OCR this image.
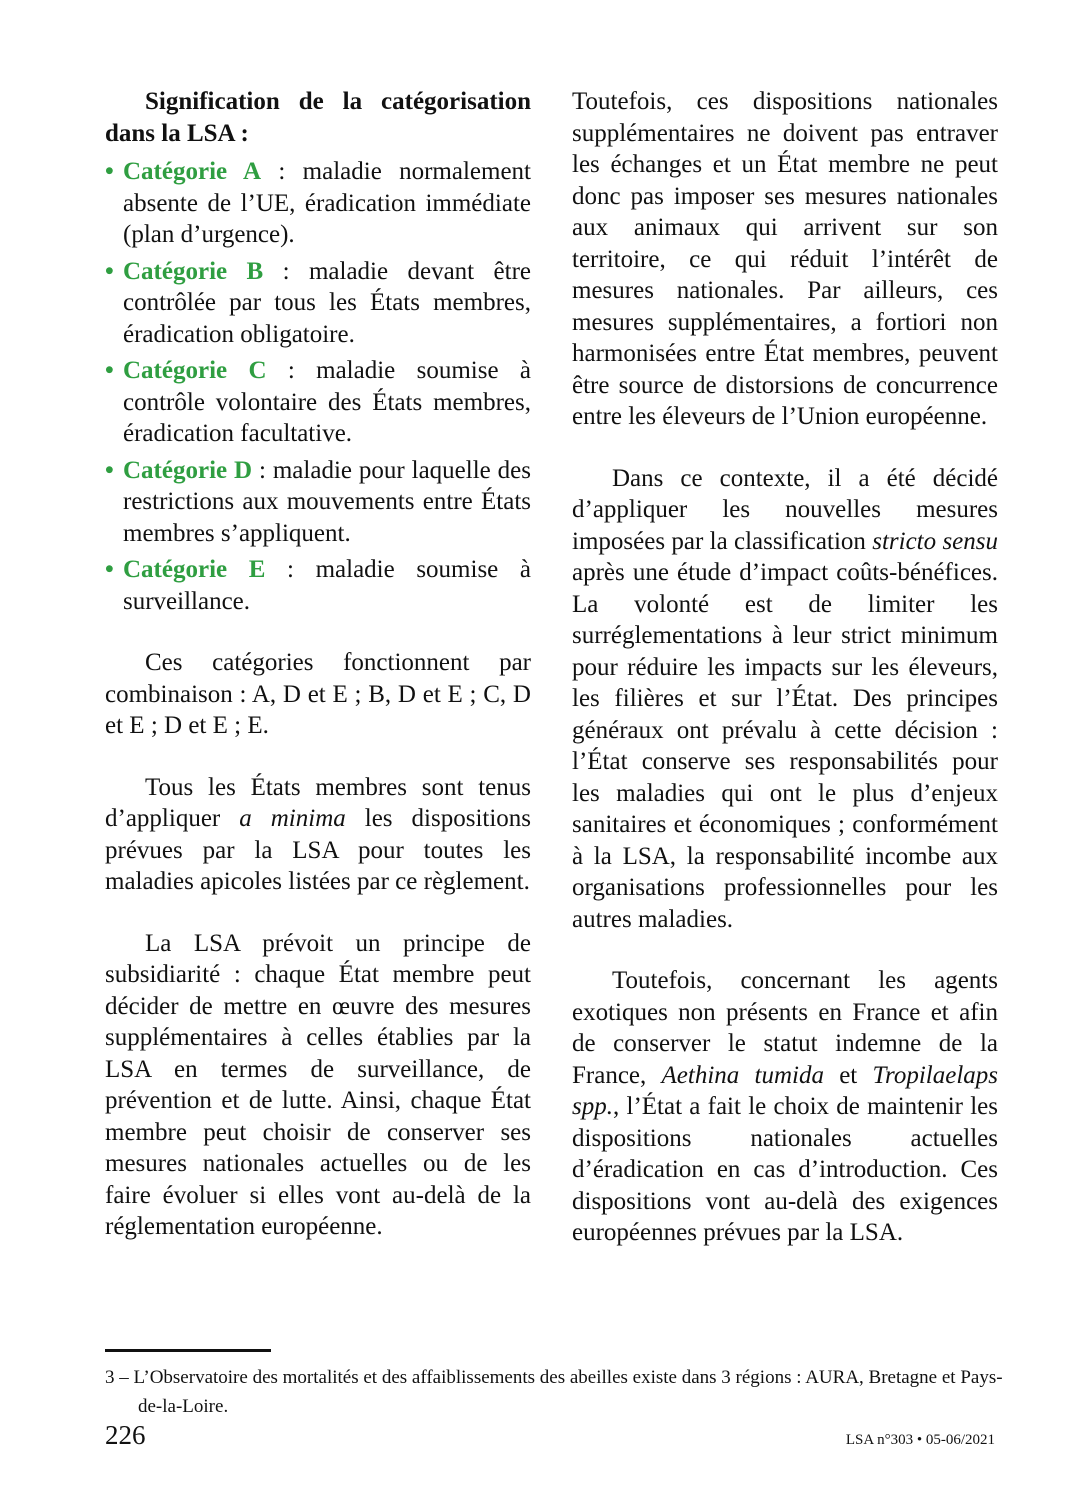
Signification de la catégorisation dans la LSA :

• Catégorie A : maladie normalement absente de l’UE, éradication immédiate (plan d’urgence).
• Catégorie B : maladie devant être contrôlée par tous les États membres, éradication obligatoire.
• Catégorie C : maladie soumise à contrôle volontaire des États membres, éradication facultative.
• Catégorie D : maladie pour laquelle des restrictions aux mouvements entre États membres s’appliquent.
• Catégorie E : maladie soumise à surveillance.

Ces catégories fonctionnent par combinaison : A, D et E ; B, D et E ; C, D et E ; D et E ; E.

Tous les États membres sont tenus d’appliquer a minima les dispositions prévues par la LSA pour toutes les maladies apicoles listées par ce règlement.

La LSA prévoit un principe de subsidiarité : chaque État membre peut décider de mettre en œuvre des mesures supplémentaires à celles établies par la LSA en termes de surveillance, de prévention et de lutte. Ainsi, chaque État membre peut choisir de conserver ses mesures nationales actuelles ou de les faire évoluer si elles vont au-delà de la réglementation européenne.

Toutefois, ces dispositions nationales supplémentaires ne doivent pas entraver les échanges et un État membre ne peut donc pas imposer ses mesures nationales aux animaux qui arrivent sur son territoire, ce qui réduit l’intérêt de mesures nationales. Par ailleurs, ces mesures supplémentaires, a fortiori non harmonisées entre État membres, peuvent être source de distorsions de concurrence entre les éleveurs de l’Union européenne.

Dans ce contexte, il a été décidé d’appliquer les nouvelles mesures imposées par la classification stricto sensu après une étude d’impact coûts-bénéfices. La volonté est de limiter les surréglementations à leur strict minimum pour réduire les impacts sur les éleveurs, les filières et sur l’État. Des principes généraux ont prévalu à cette décision : l’État conserve ses responsabilités pour les maladies qui ont le plus d’enjeux sanitaires et économiques ; conformément à la LSA, la responsabilité incombe aux organisations professionnelles pour les autres maladies.

Toutefois, concernant les agents exotiques non présents en France et afin de conserver le statut indemne de la France, Aethina tumida et Tropilaelaps spp., l’État a fait le choix de maintenir les dispositions nationales actuelles d’éradication en cas d’introduction. Ces dispositions vont au-delà des exigences européennes prévues par la LSA.

3 – L’Observatoire des mortalités et des affaiblissements des abeilles existe dans 3 régions : AURA, Bretagne et Pays-de-la-Loire.

226	LSA n°303 • 05-06/2021
